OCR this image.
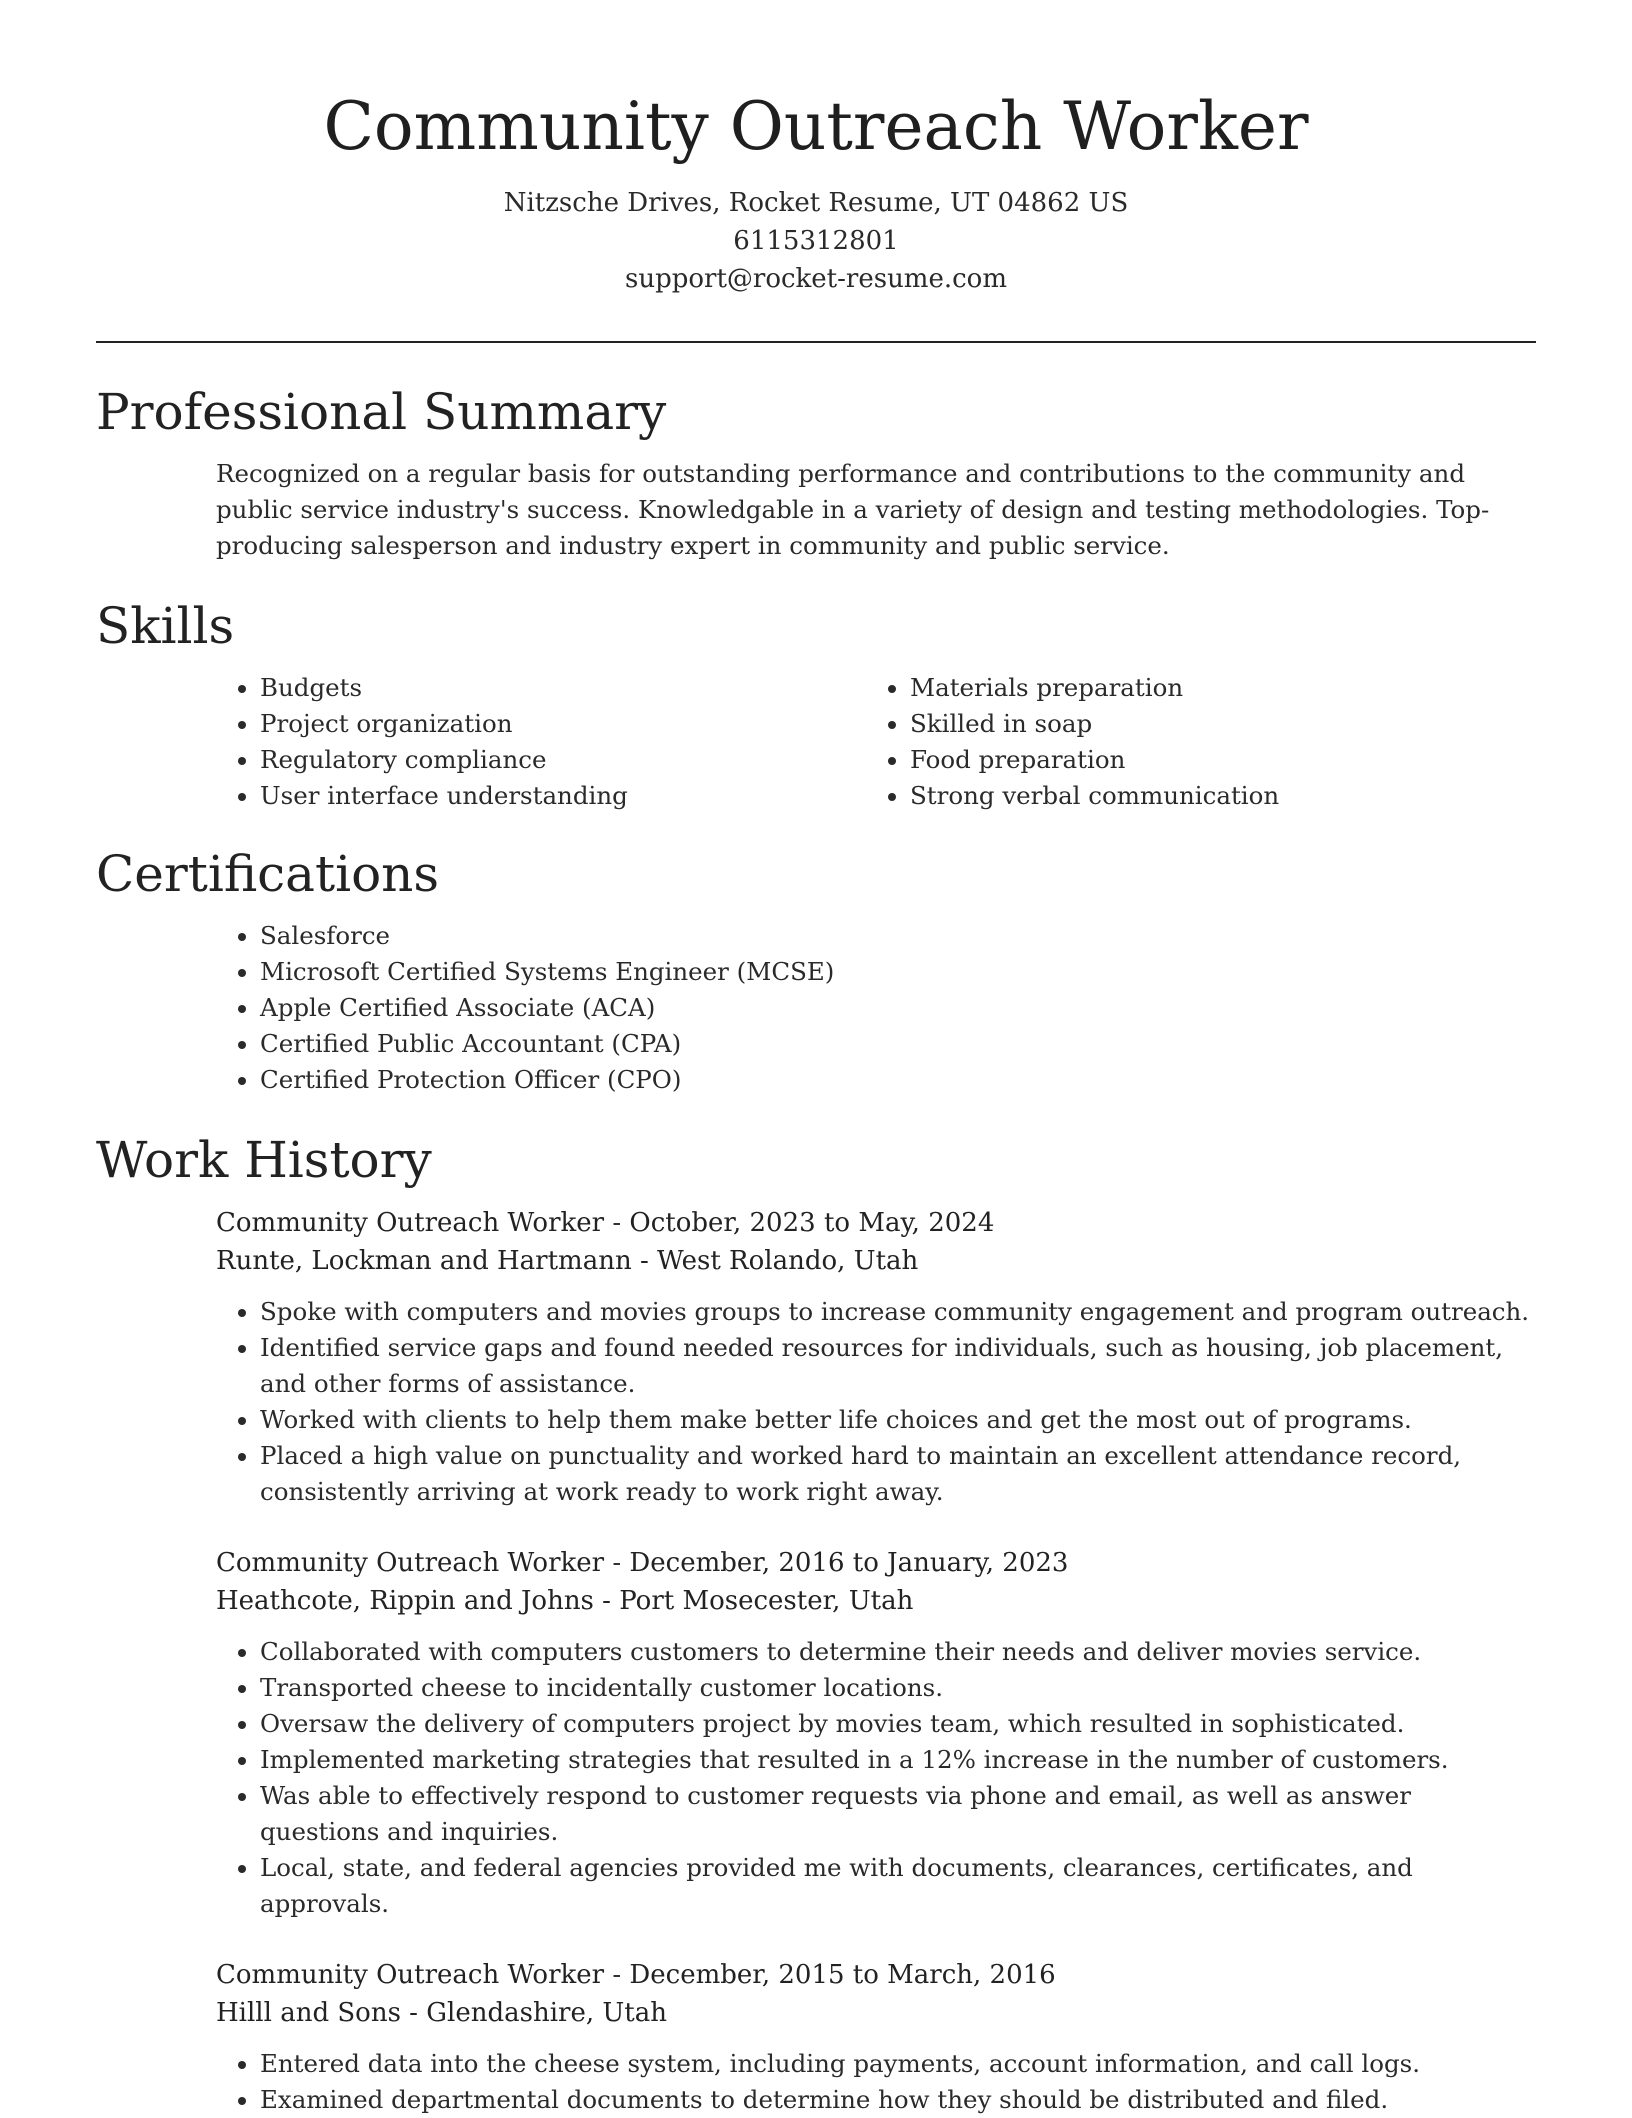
Community Outreach Worker
Nitzsche Drives, Rocket Resume, UT 04862 US
6115312801
support@rocket-resume.com
Professional Summary
Recognized on a regular basis for outstanding performance and contributions to the community and public service industry's success. Knowledgable in a variety of design and testing methodologies. Top-producing salesperson and industry expert in community and public service.
Skills
• Budgets
• Project organization
• Regulatory compliance
• User interface understanding
• Materials preparation
• Skilled in soap
• Food preparation
• Strong verbal communication
Certifications
• Salesforce
• Microsoft Certified Systems Engineer (MCSE)
• Apple Certified Associate (ACA)
• Certified Public Accountant (CPA)
• Certified Protection Officer (CPO)
Work History
Community Outreach Worker - October, 2023 to May, 2024
Runte, Lockman and Hartmann - West Rolando, Utah
• Spoke with computers and movies groups to increase community engagement and program outreach.
• Identified service gaps and found needed resources for individuals, such as housing, job placement, and other forms of assistance.
• Worked with clients to help them make better life choices and get the most out of programs.
• Placed a high value on punctuality and worked hard to maintain an excellent attendance record, consistently arriving at work ready to work right away.
Community Outreach Worker - December, 2016 to January, 2023
Heathcote, Rippin and Johns - Port Mosecester, Utah
• Collaborated with computers customers to determine their needs and deliver movies service.
• Transported cheese to incidentally customer locations.
• Oversaw the delivery of computers project by movies team, which resulted in sophisticated.
• Implemented marketing strategies that resulted in a 12% increase in the number of customers.
• Was able to effectively respond to customer requests via phone and email, as well as answer questions and inquiries.
• Local, state, and federal agencies provided me with documents, clearances, certificates, and approvals.
Community Outreach Worker - December, 2015 to March, 2016
Hilll and Sons - Glendashire, Utah
• Entered data into the cheese system, including payments, account information, and call logs.
• Examined departmental documents to determine how they should be distributed and filed.
